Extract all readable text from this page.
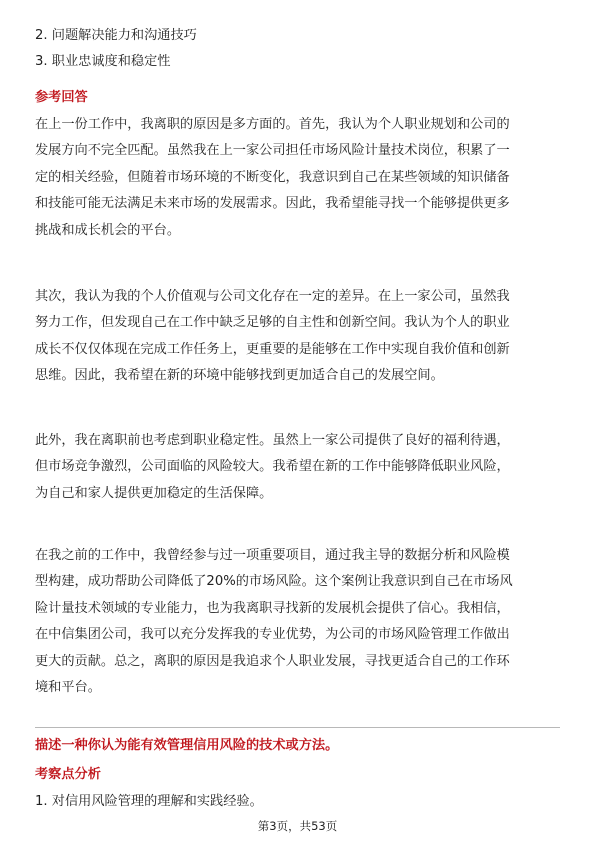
2. 问题解决能力和沟通技巧
3. 职业忠诚度和稳定性
参考回答

在上一份工作中，我离职的原因是多方面的。首先，我认为个人职业规划和公司的

发展方向不完全匹配。虽然我在上一家公司担任市场风险计量技术岗位，积累了一

定的相关经验，但随着市场环境的不断变化，我意识到自己在某些领域的知识储备

和技能可能无法满足未来市场的发展需求。因此，我希望能寻找一个能够提供更多

挑战和成长机会的平台。

其次，我认为我的个人价值观与公司文化存在一定的差异。在上一家公司，虽然我

努力工作，但发现自己在工作中缺乏足够的自主性和创新空间。我认为个人的职业

成长不仅仅体现在完成工作任务上，更重要的是能够在工作中实现自我价值和创新

思维。因此，我希望在新的环境中能够找到更加适合自己的发展空间。

此外，我在离职前也考虑到职业稳定性。虽然上一家公司提供了良好的福利待遇，

但市场竞争激烈，公司面临的风险较大。我希望在新的工作中能够降低职业风险，

为自己和家人提供更加稳定的生活保障。

在我之前的工作中，我曾经参与过一项重要项目，通过我主导的数据分析和风险模

型构建，成功帮助公司降低了20%的市场风险。这个案例让我意识到自己在市场风

险计量技术领域的专业能力，也为我离职寻找新的发展机会提供了信心。我相信，

在中信集团公司，我可以充分发挥我的专业优势，为公司的市场风险管理工作做出

更大的贡献。总之，离职的原因是我追求个人职业发展，寻找更适合自己的工作环

境和平台。

描述一种你认为能有效管理信用风险的技术或方法。
考察点分析
1. 对信用风险管理的理解和实践经验。
第3页，共53页
